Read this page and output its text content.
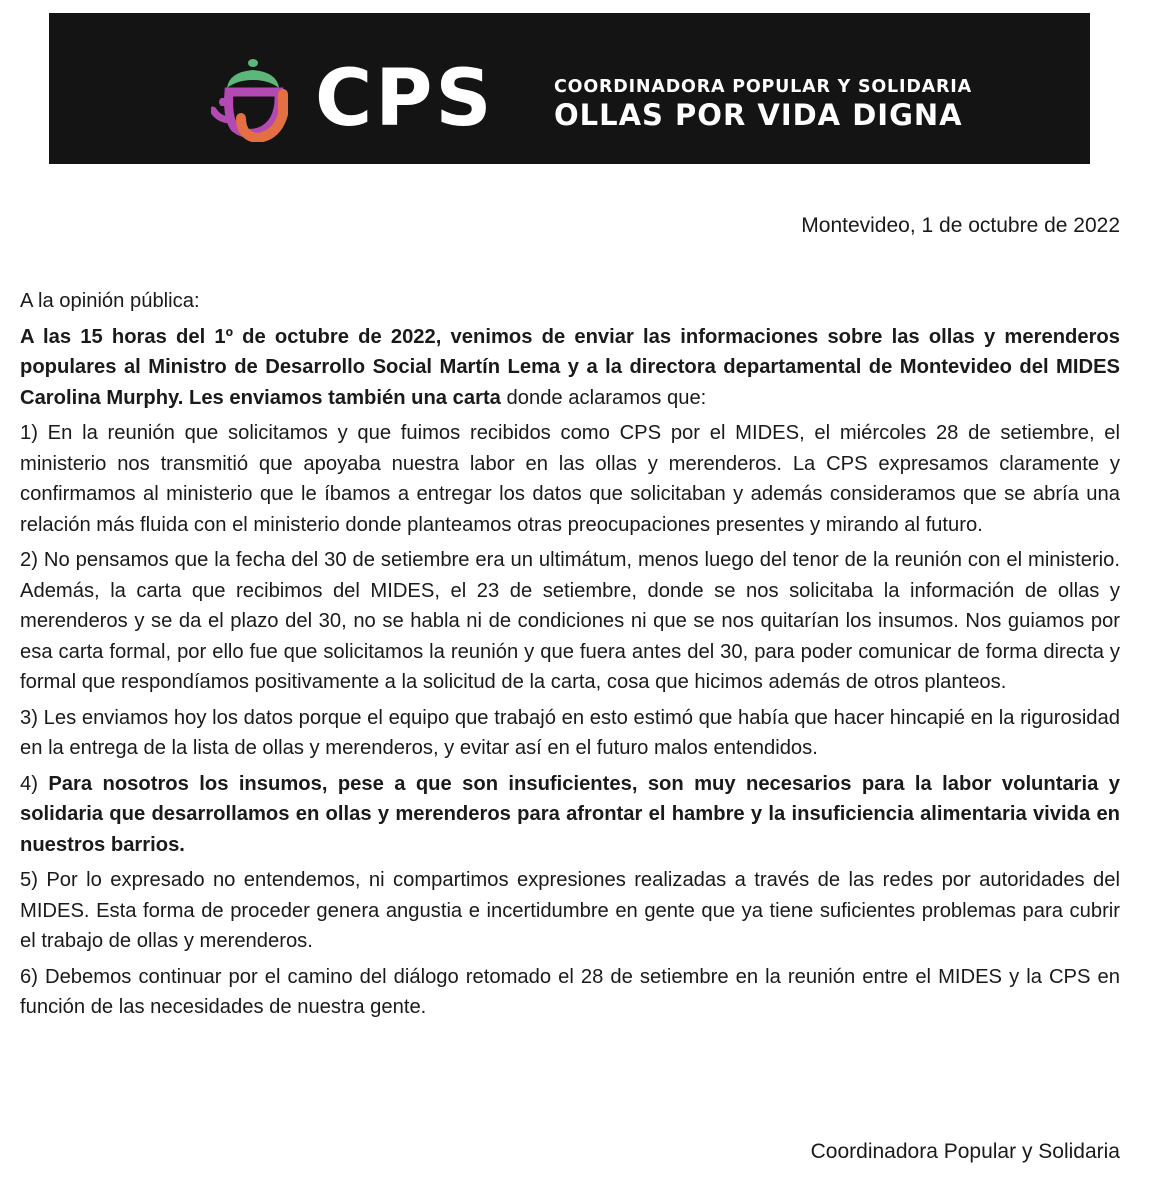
CPS	COORDINADORA POPULAR Y SOLIDARIA
OLLAS POR VIDA DIGNA
Montevideo, 1 de octubre de 2022

A la opinión pública:

A las 15 horas del 1º de octubre de 2022, venimos de enviar las informaciones sobre las ollas y merenderos populares al Ministro de Desarrollo Social Martín Lema y a la directora departamental de Montevideo del MIDES Carolina Murphy. Les enviamos también una carta donde aclaramos que:

1) En la reunión que solicitamos y que fuimos recibidos como CPS por el MIDES, el miércoles 28 de setiembre, el ministerio nos transmitió que apoyaba nuestra labor en las ollas y merenderos. La CPS expresamos claramente y confirmamos al ministerio que le íbamos a entregar los datos que solicitaban y además consideramos que se abría una relación más fluida con el ministerio donde planteamos otras preocupaciones presentes y mirando al futuro.

2) No pensamos que la fecha del 30 de setiembre era un ultimátum, menos luego del tenor de la reunión con el ministerio. Además, la carta que recibimos del MIDES, el 23 de setiembre, donde se nos solicitaba la información de ollas y merenderos y se da el plazo del 30, no se habla ni de condiciones ni que se nos quitarían los insumos. Nos guiamos por esa carta formal, por ello fue que solicitamos la reunión y que fuera antes del 30, para poder comunicar de forma directa y formal que respondíamos positivamente a la solicitud de la carta, cosa que hicimos además de otros planteos.

3) Les enviamos hoy los datos porque el equipo que trabajó en esto estimó que había que hacer hincapié en la rigurosidad en la entrega de la lista de ollas y merenderos, y evitar así en el futuro malos entendidos.

4) Para nosotros los insumos, pese a que son insuficientes, son muy necesarios para la labor voluntaria y solidaria que desarrollamos en ollas y merenderos para afrontar el hambre y la insuficiencia alimentaria vivida en nuestros barrios.

5) Por lo expresado no entendemos, ni compartimos expresiones realizadas a través de las redes por autoridades del MIDES. Esta forma de proceder genera angustia e incertidumbre en gente que ya tiene suficientes problemas para cubrir el trabajo de ollas y merenderos.

6) Debemos continuar por el camino del diálogo retomado el 28 de setiembre en la reunión entre el MIDES y la CPS en función de las necesidades de nuestra gente.

Coordinadora Popular y Solidaria
